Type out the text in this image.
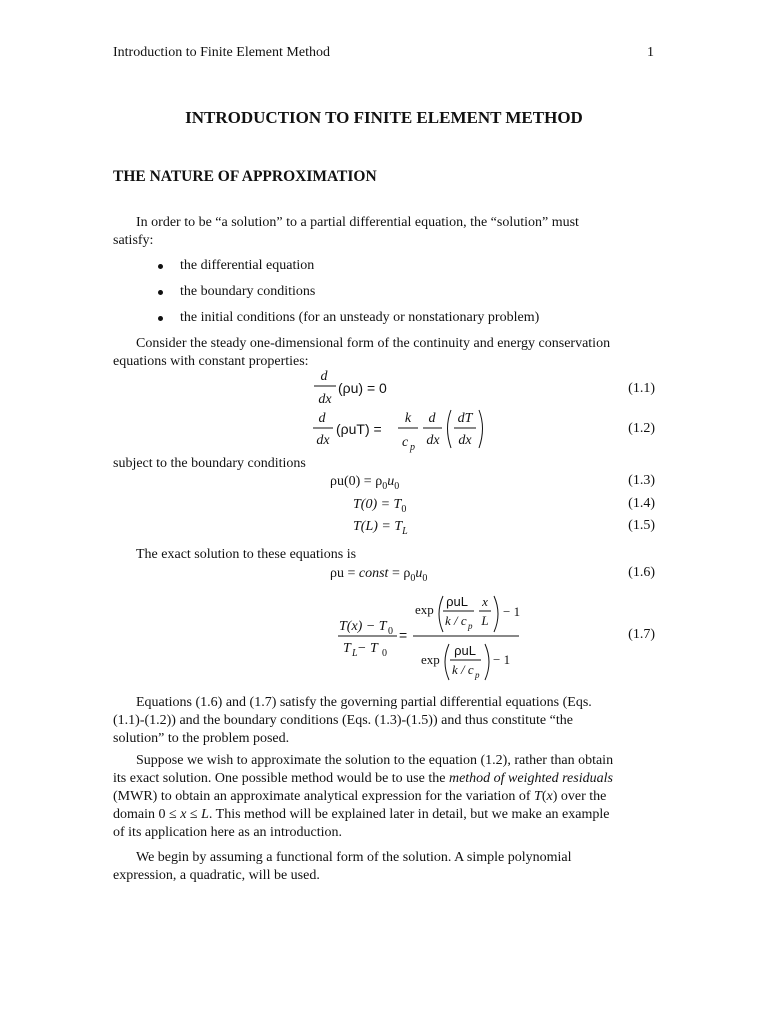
Introduction to Finite Element Method	1
INTRODUCTION TO FINITE ELEMENT METHOD
THE NATURE OF APPROXIMATION
In order to be “a solution” to a partial differential equation, the “solution” must
satisfy:
the differential equation
the boundary conditions
the initial conditions (for an unsteady or nonstationary problem)
Consider the steady one-dimensional form of the continuity and energy conservation
equations with constant properties:
d
dx
(ρu) = 0	(1.1)
d
dx
(ρuT) =
k
c p
d
dx
dT
dx
(1.2)
subject to the boundary conditions
$\rho u(0) = \rho_0u_0$	(1.3)
$T(0) = T_0$	(1.4)
$T(L) = T_L$	(1.5)
The exact solution to these equations is
ρu = const = $\rho_0u_0$	(1.6)
T(x) − T 0
T L − T 0
=
exp
ρuL
k / c p
x
L
− 1
exp
ρuL
k / c p
− 1
(1.7)
Equations (1.6) and (1.7) satisfy the governing partial differential equations (Eqs.
(1.1)-(1.2)) and the boundary conditions (Eqs. (1.3)-(1.5)) and thus constitute “the
solution” to the problem posed.
Suppose we wish to approximate the solution to the equation (1.2), rather than obtain
its exact solution. One possible method would be to use the method of weighted residuals
(MWR) to obtain an approximate analytical expression for the variation of T(x) over the
domain 0 ≤ x ≤ L. This method will be explained later in detail, but we make an example
of its application here as an introduction.
We begin by assuming a functional form of the solution. A simple polynomial
expression, a quadratic, will be used.
